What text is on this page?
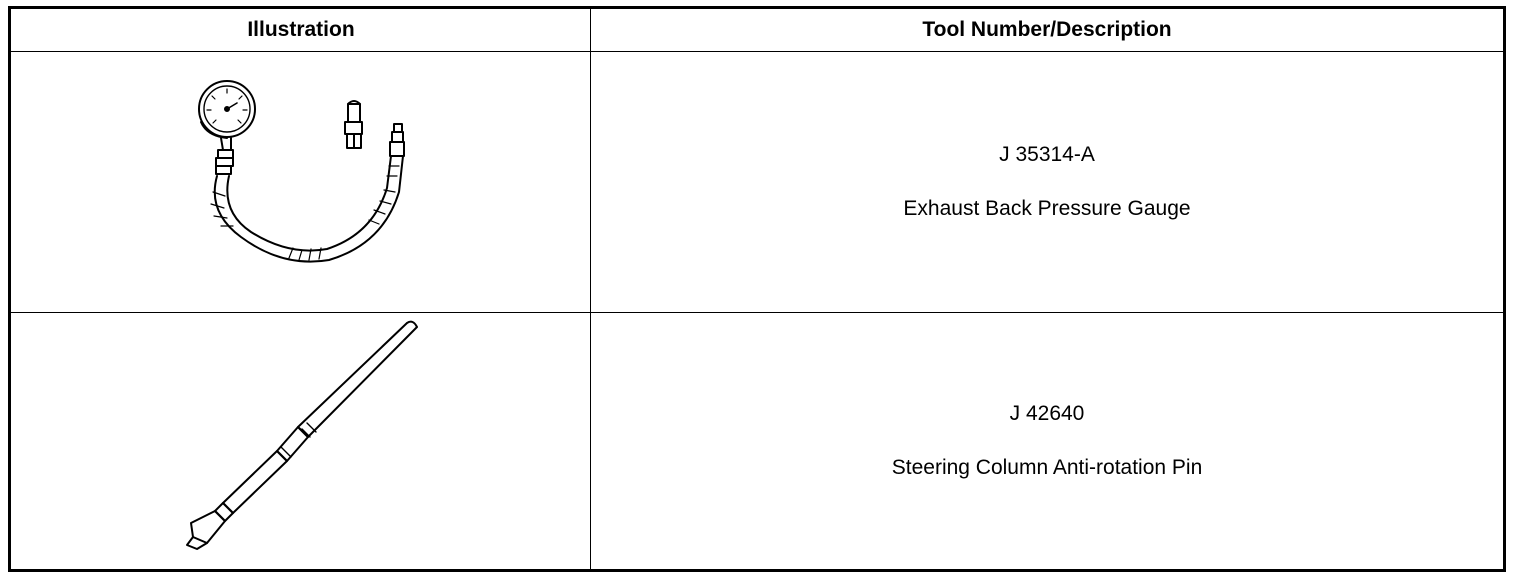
Illustration	Tool Number/Description
J 35314-A
Exhaust Back Pressure Gauge
J 42640
Steering Column Anti-rotation Pin
